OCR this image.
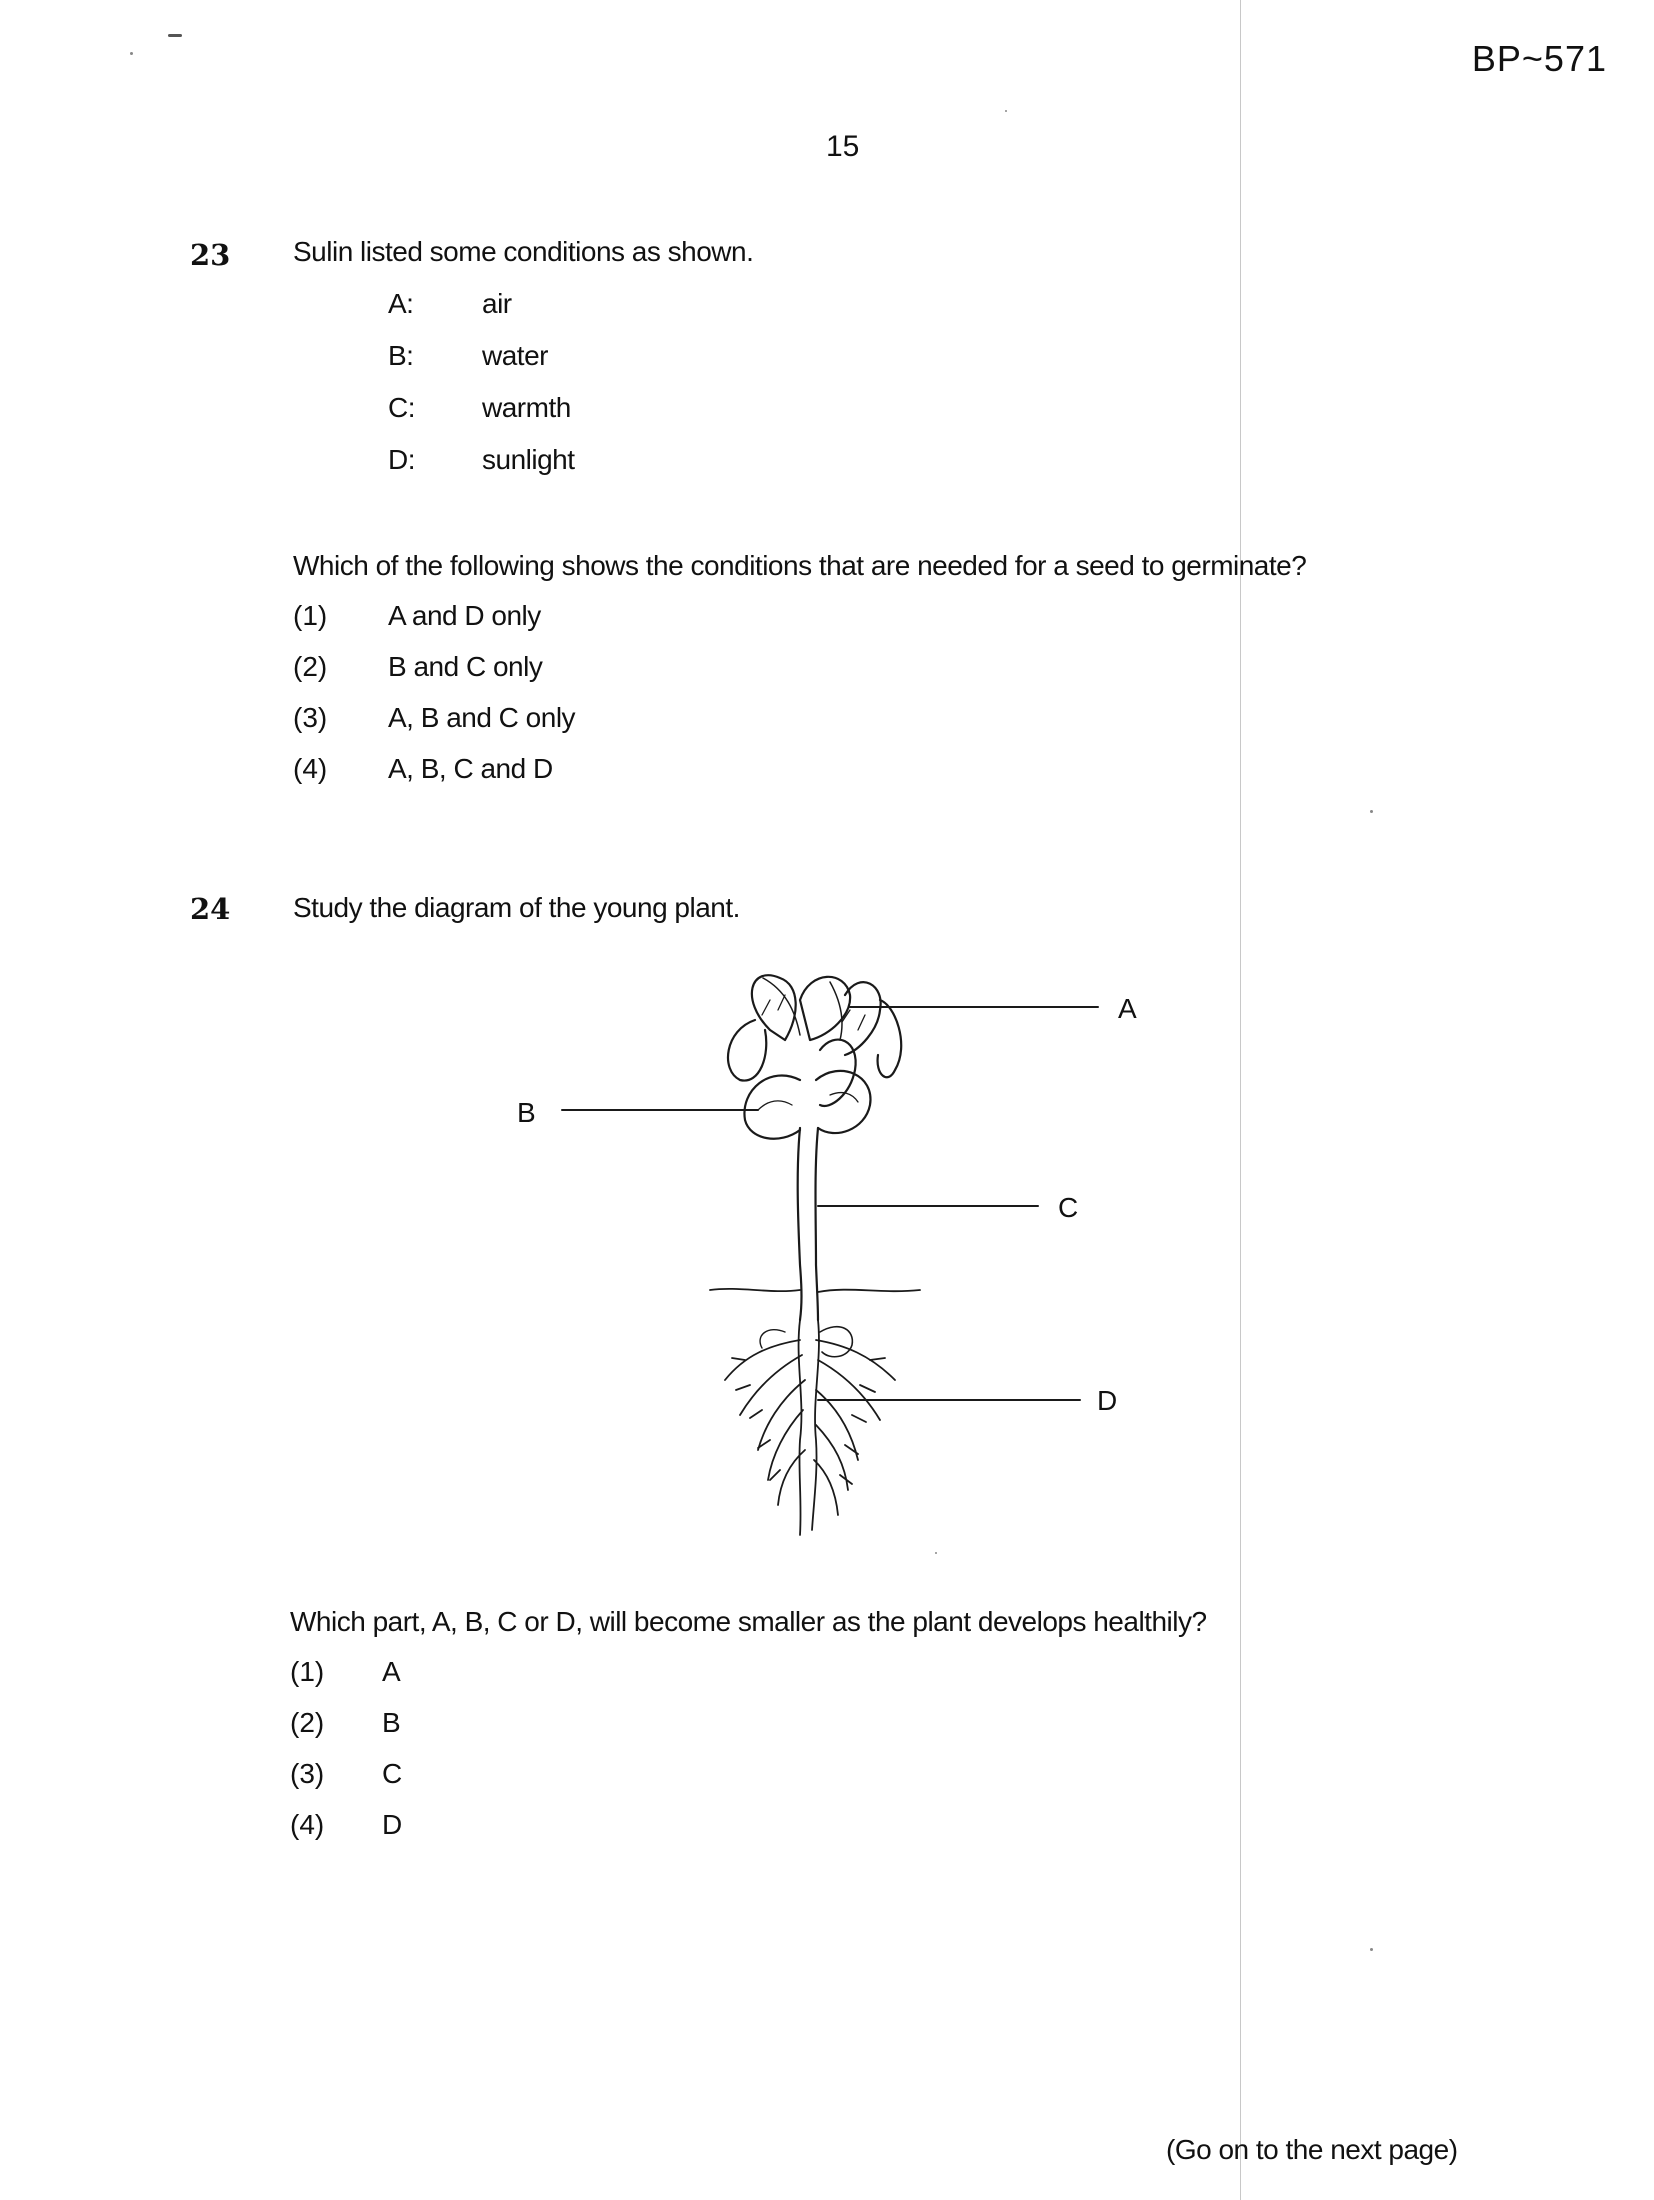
BP~571
15
23 Sulin listed some conditions as shown.
A: air
B: water
C: warmth
D: sunlight
Which of the following shows the conditions that are needed for a seed to germinate?
(1) A and D only
(2) B and C only
(3) A, B and C only
(4) A, B, C and D
24 Study the diagram of the young plant.
A
B
C
D
Which part, A, B, C or D, will become smaller as the plant develops healthily?
(1) A
(2) B
(3) C
(4) D
(Go on to the next page)
